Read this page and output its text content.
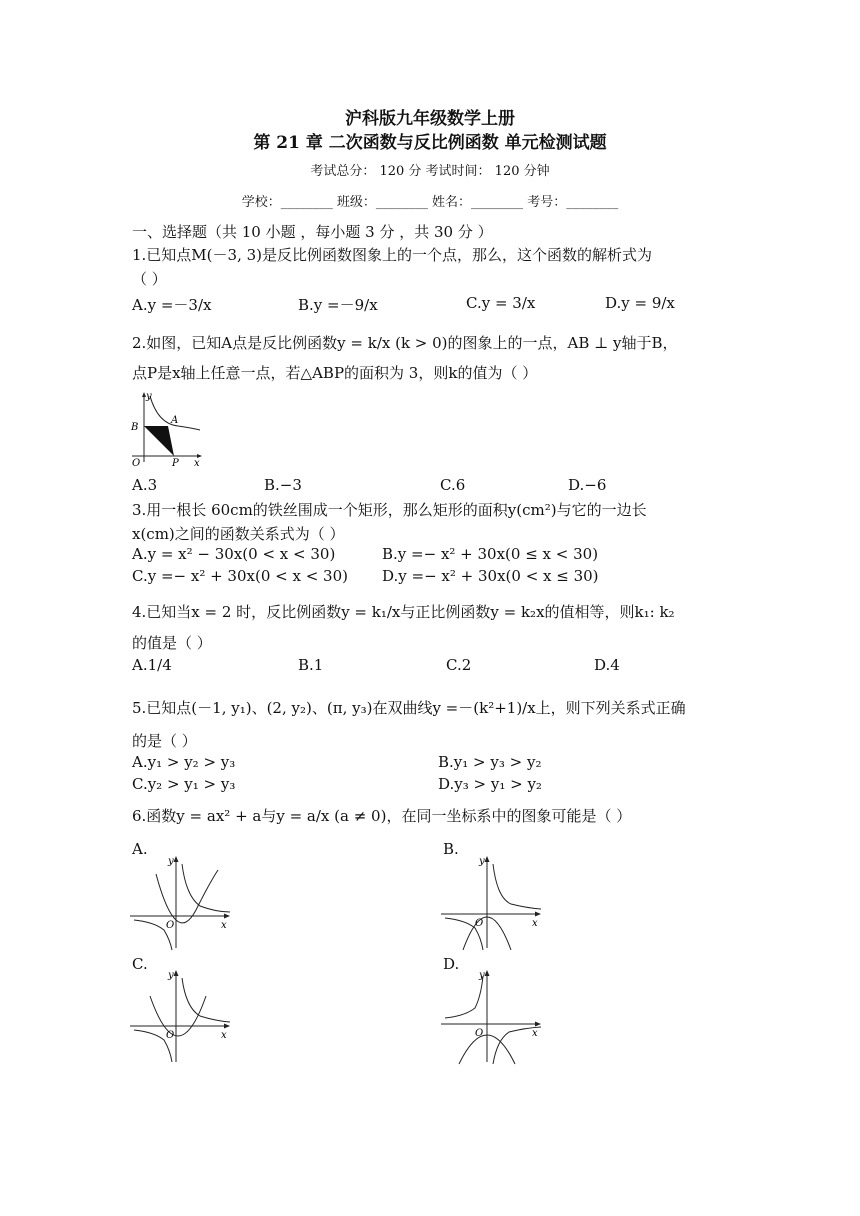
沪科版九年级数学上册
第 21 章 二次函数与反比例函数 单元检测试题
考试总分： 120 分 考试时间： 120 分钟
学校：________ 班级：________ 姓名：________ 考号：________
一、选择题（共 10 小题 ，每小题 3 分 ，共 30 分 ）
1.已知点M(－3, 3)是反比例函数图象上的一个点，那么，这个函数的解析式为
（ ）
A.y =－3/x	B.y =－9/x	C.y = 3/x	D.y = 9/x
2.如图，已知A点是反比例函数y = k/x (k > 0)的图象上的一点，AB ⊥ y轴于B，
点P是x轴上任意一点，若△ABP的面积为 3，则k的值为（ ）
y
B
A
O	P x
A.3	B.−3	C.6	D.−6
3.用一根长 60cm的铁丝围成一个矩形，那么矩形的面积y(cm²)与它的一边长
x(cm)之间的函数关系式为（ ）
A.y = x² − 30x(0 < x < 30)	B.y =− x² + 30x(0 ≤ x < 30)
C.y =− x² + 30x(0 < x < 30) D.y =− x² + 30x(0 < x ≤ 30)
4.已知当x = 2 时，反比例函数y = k₁/x与正比例函数y = k₂x的值相等，则k₁: k₂
的值是（ ）
A.1/4	B.1	C.2	D.4
5.已知点(－1, y₁)、(2, y₂)、(π, y₃)在双曲线y =－(k²+1)/x上，则下列关系式正确
的是（ ）
A.y₁ > y₂ > y₃	B.y₁ > y₃ > y₂
C.y₂ > y₁ > y₃	D.y₃ > y₁ > y₂
6.函数y = ax² + a与y = a/x (a ≠ 0)，在同一坐标系中的图象可能是（ ）
A.	B.
C.	D.
y
O	x
y
O	x
y
O	x
y
O	x
